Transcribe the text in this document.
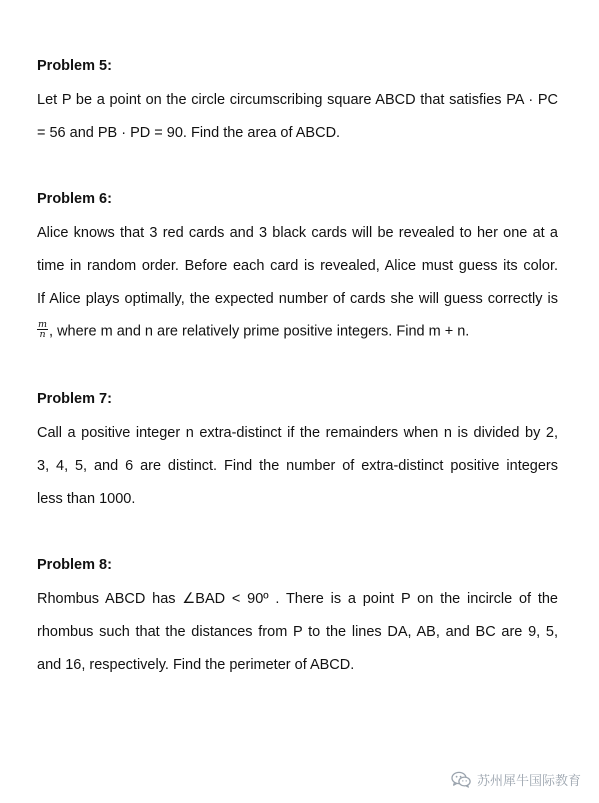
Problem 5:
Let P be a point on the circle circumscribing square ABCD that satisfies PA · PC
= 56 and PB · PD = 90. Find the area of ABCD.
Problem 6:
Alice knows that 3 red cards and 3 black cards will be revealed to her one at a
time in random order. Before each card is revealed, Alice must guess its color.
If Alice plays optimally, the expected number of cards she will guess correctly is
$\frac{m}{n}$ , where m and n are relatively prime positive integers. Find m + n.
Problem 7:
Call a positive integer n extra-distinct if the remainders when n is divided by 2,
3, 4, 5, and 6 are distinct. Find the number of extra-distinct positive integers
less than 1000.
Problem 8:
Rhombus ABCD has ∠BAD < 90º . There is a point P on the incircle of the
rhombus such that the distances from P to the lines DA, AB, and BC are 9, 5,
and 16, respectively. Find the perimeter of ABCD.
苏州犀牛国际教育
